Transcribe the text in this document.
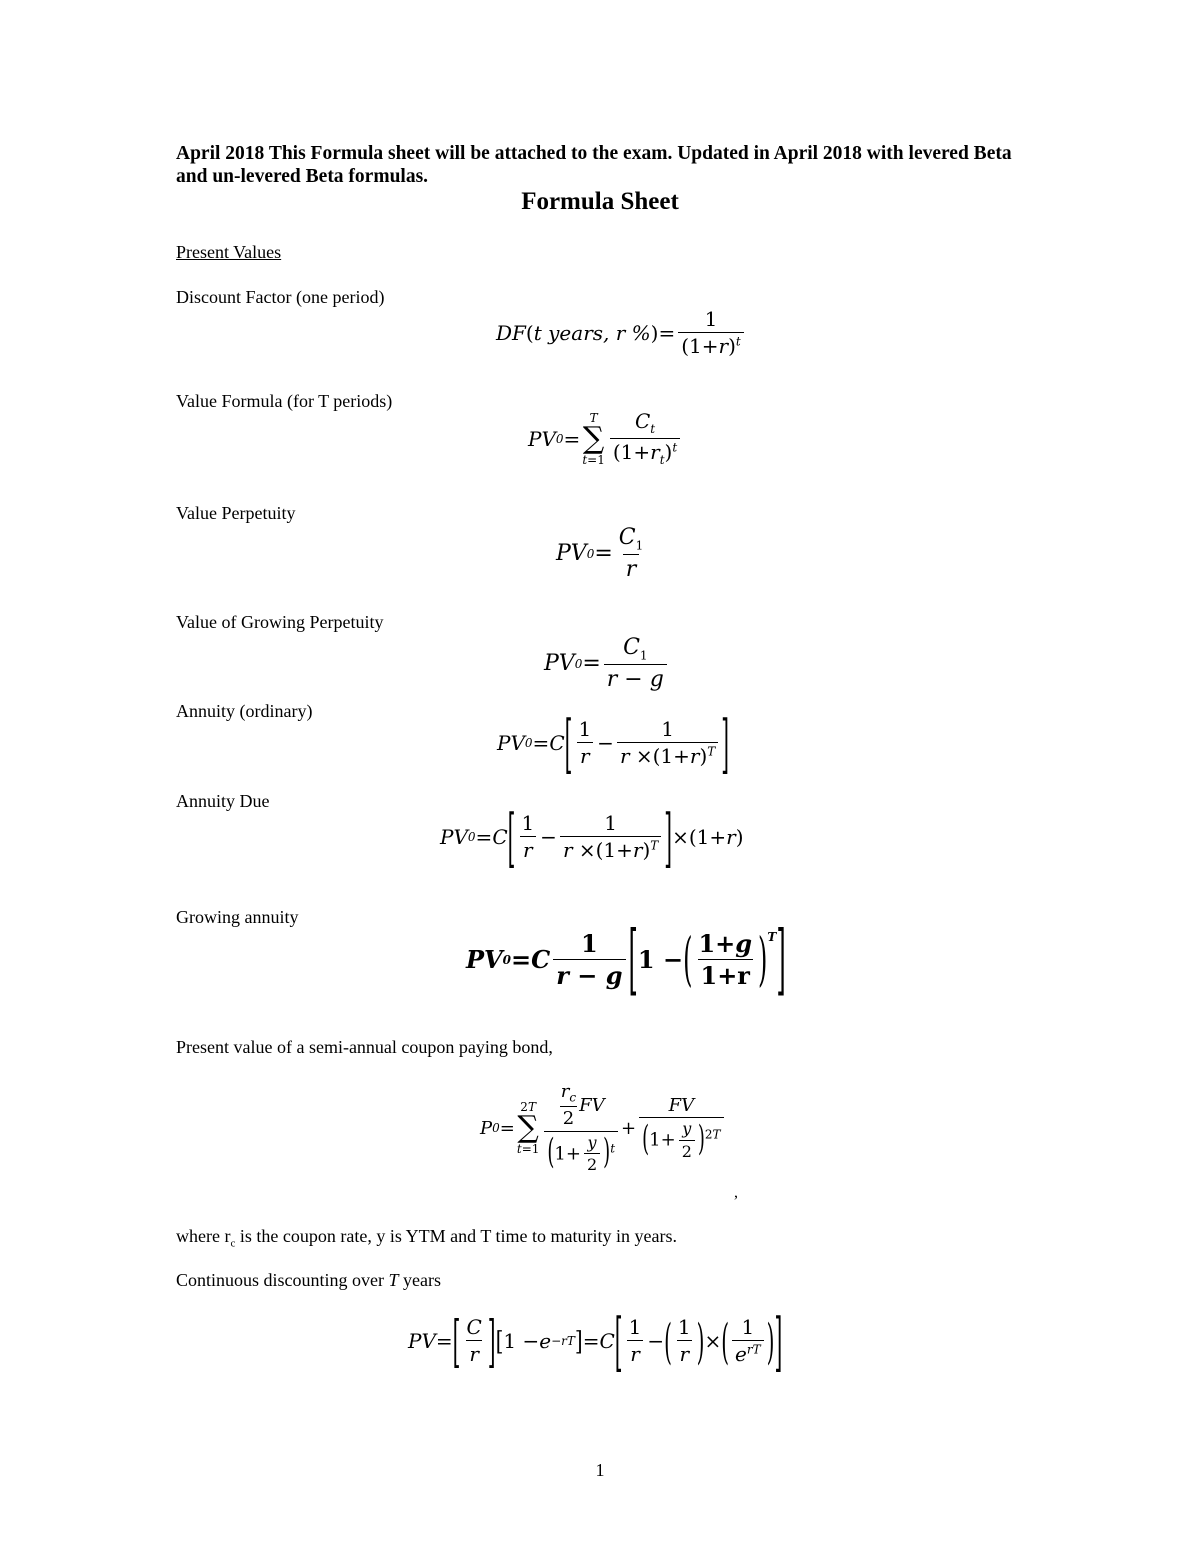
April 2018 This Formula sheet will be attached to the exam. Updated in April 2018 with levered Beta
and un-levered Beta formulas.
Formula Sheet
Present Values
Discount Factor (one period)
DF ( t years, r % )= $\frac{1}{(1+r)^t}$
Value Formula (for T periods)
PV 0 =
T
∑
$t=1 \frac{C_t}{(1+r_t)^t}$
Value Perpetuity
PV $0 = \frac{C_1}{r}$
Value of Growing Perpetuity
PV $0 = \frac{C_1}{r - g}$
Annuity (ordinary)
PV 0 = C [ $\frac{1}{r} - \frac{1}{r \times(1+r)^T}$ ]
Annuity Due
PV 0 = C [ $\frac{1}{r} - \frac{1}{r \times(1+r)^T}$ ] ×(1+ r )
Growing annuity
PV 0 = C $\frac{1}{r - g}$ [ 1 − ( $\frac{1+g}{1+r} )^T$ ]
Present value of a semi-annual coupon paying bond,
P 0 =
2T
∑
$t=1 \frac{\frac{r_c}{2} FV}{(1+ \frac{y}{2} )^t} + \frac{FV}{(1+ \frac{y}{2} )^{2T}}$
,
where $r_c$ is the coupon rate, y is YTM and T time to maturity in years.
Continuous discounting over T years
PV = [ $\frac{C}{r}$ ] [ 1 − e −rT ] = C [ $\frac{1}{r}$ − ( $\frac{1}{r}$ ) × ( $\frac{1}{e^{rT}}$ ) ]
1
